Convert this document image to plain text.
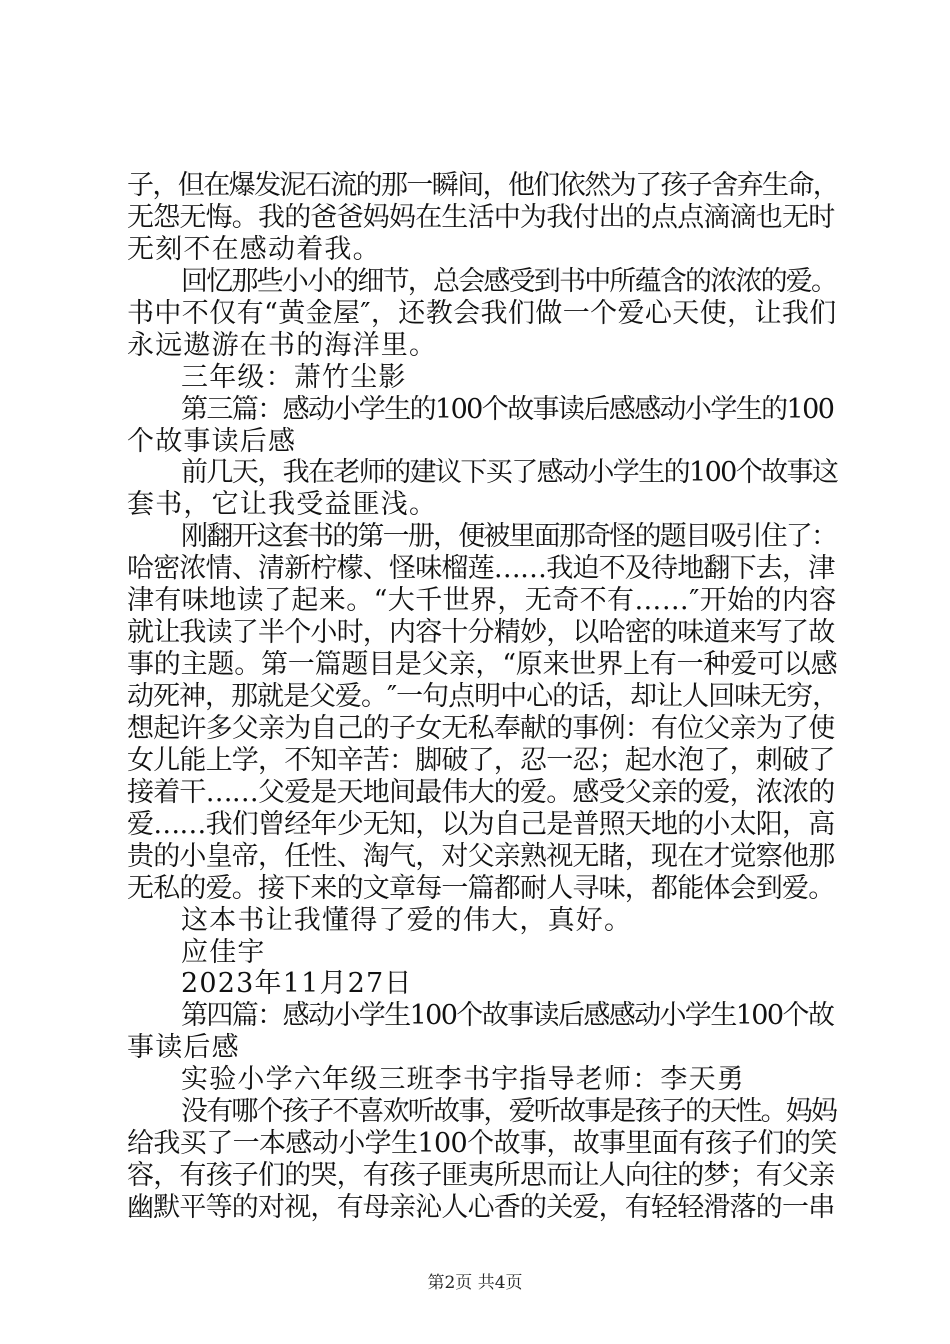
子，但在爆发泥石流的那一瞬间，他们依然为了孩子舍弃生命，
无怨无悔。我的爸爸妈妈在生活中为我付出的点点滴滴也无时
无刻不在感动着我。
回忆那些小小的细节，总会感受到书中所蕴含的浓浓的爱。
书中不仅有“黄金屋″，还教会我们做一个爱心天使，让我们
永远遨游在书的海洋里。
三年级：萧竹尘影
第三篇：感动小学生的100个故事读后感感动小学生的100
个故事读后感
前几天，我在老师的建议下买了感动小学生的100个故事这
套书，它让我受益匪浅。
刚翻开这套书的第一册，便被里面那奇怪的题目吸引住了：
哈密浓情、清新柠檬、怪味榴莲……我迫不及待地翻下去，津
津有味地读了起来。“大千世界，无奇不有……″开始的内容
就让我读了半个小时，内容十分精妙，以哈密的味道来写了故
事的主题。第一篇题目是父亲，“原来世界上有一种爱可以感
动死神，那就是父爱。″一句点明中心的话，却让人回味无穷，
想起许多父亲为自己的子女无私奉献的事例：有位父亲为了使
女儿能上学，不知辛苦：脚破了，忍一忍；起水泡了，刺破了
接着干……父爱是天地间最伟大的爱。感受父亲的爱，浓浓的
爱……我们曾经年少无知，以为自己是普照天地的小太阳，高
贵的小皇帝，任性、淘气，对父亲熟视无睹，现在才觉察他那
无私的爱。接下来的文章每一篇都耐人寻味，都能体会到爱。
这本书让我懂得了爱的伟大，真好。
应佳宇
2023年11月27日
第四篇：感动小学生100个故事读后感感动小学生100个故
事读后感
实验小学六年级三班李书宇指导老师：李天勇
没有哪个孩子不喜欢听故事，爱听故事是孩子的天性。妈妈
给我买了一本感动小学生100个故事，故事里面有孩子们的笑
容，有孩子们的哭，有孩子匪夷所思而让人向往的梦；有父亲
幽默平等的对视，有母亲沁人心香的关爱，有轻轻滑落的一串
第2页 共4页
